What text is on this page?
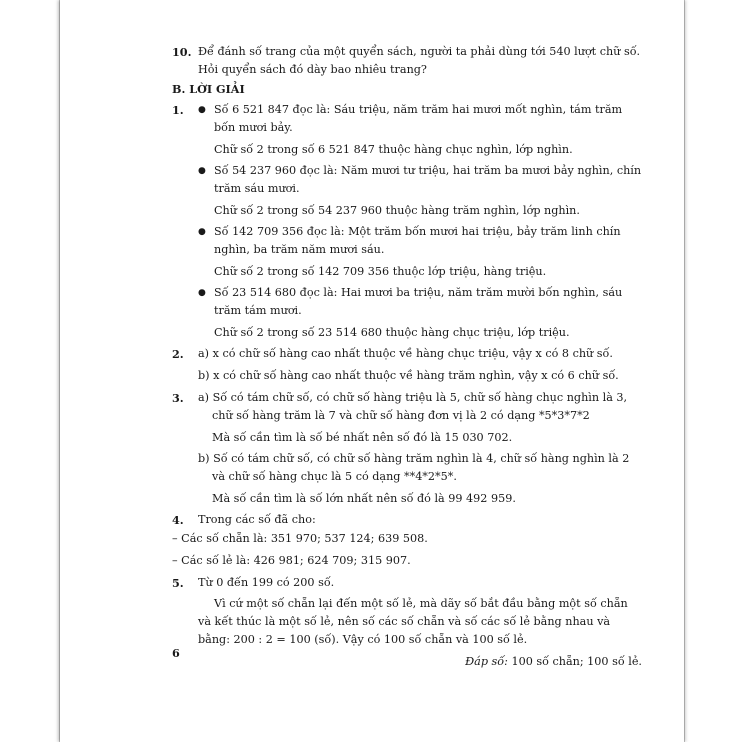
10. Để đánh số trang của một quyển sách, người ta phải dùng tới 540 lượt chữ số. Hỏi quyển sách đó dày bao nhiêu trang?

B. LỜI GIẢI
1.

●	Số 6 521 847 đọc là: Sáu triệu, năm trăm hai mươi mốt nghìn, tám trăm bốn mươi bảy.

Chữ số 2 trong số 6 521 847 thuộc hàng chục nghìn, lớp nghìn.

● Số 54 237 960 đọc là: Năm mươi tư triệu, hai trăm ba mươi bảy nghìn, chín trăm sáu mươi.

Chữ số 2 trong số 54 237 960 thuộc hàng trăm nghìn, lớp nghìn.

● Số 142 709 356 đọc là: Một trăm bốn mươi hai triệu, bảy trăm linh chín nghìn, ba trăm năm mươi sáu.

Chữ số 2 trong số 142 709 356 thuộc lớp triệu, hàng triệu.

● Số 23 514 680 đọc là: Hai mươi ba triệu, năm trăm mười bốn nghìn, sáu trăm tám mươi.

Chữ số 2 trong số 23 514 680 thuộc hàng chục triệu, lớp triệu.

2. a) x có chữ số hàng cao nhất thuộc về hàng chục triệu, vậy x có 8 chữ số.

b) x có chữ số hàng cao nhất thuộc về hàng trăm nghìn, vậy x có 6 chữ số.

3. a) Số có tám chữ số, có chữ số hàng triệu là 5, chữ số hàng chục nghìn là 3, chữ số hàng trăm là 7 và chữ số hàng đơn vị là 2 có dạng *5*3*7*2

Mà số cần tìm là số bé nhất nên số đó là 15 030 702.

b) Số có tám chữ số, có chữ số hàng trăm nghìn là 4, chữ số hàng nghìn là 2 và chữ số hàng chục là 5 có dạng **4*2*5*.

Mà số cần tìm là số lớn nhất nên số đó là 99 492 959.

4. Trong các số đã cho:

– Các số chẵn là: 351 970; 537 124; 639 508.

– Các số lẻ là: 426 981; 624 709; 315 907.

5. Từ 0 đến 199 có 200 số.

Vì cứ một số chẵn lại đến một số lẻ, mà dãy số bắt đầu bằng một số chẵn và kết thúc là một số lẻ, nên số các số chẵn và số các số lẻ bằng nhau và bằng: 200 : 2 = 100 (số). Vậy có 100 số chẵn và 100 số lẻ.

Đáp số: 100 số chẵn; 100 số lẻ.

6
